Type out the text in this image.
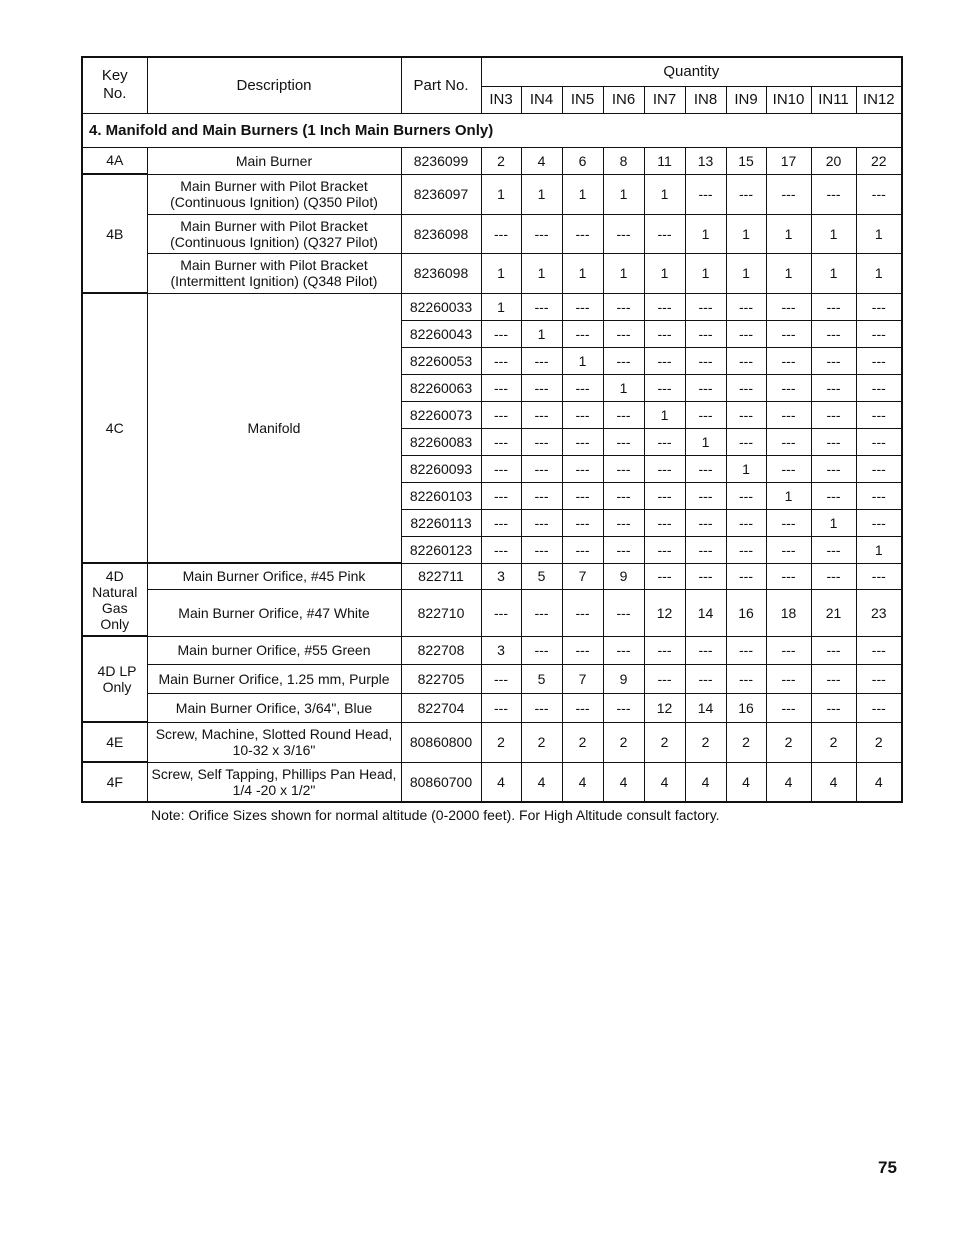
Key No.	Description	Part No.	Quantity									
			IN3	IN4	IN5	IN6	IN7	IN8	IN9	IN10	IN11	IN12
4. Manifold and Main Burners (1 Inch Main Burners Only)												

4A	Main Burner	8236099	2	4	6	8	11	13	15	17	20	22

4B	Main Burner with Pilot Bracket (Continuous Ignition) (Q350 Pilot)	8236097	1	1	1	1	1	---	---	---	---	---
	Main Burner with Pilot Bracket (Continuous Ignition) (Q327 Pilot)	8236098	---	---	---	---	---	1	1	1	1	1
	Main Burner with Pilot Bracket (Intermittent Ignition) (Q348 Pilot)	8236098	1	1	1	1	1	1	1	1	1	1

4C	Manifold	82260033	1	---	---	---	---	---	---	---	---	---
		82260043	---	1	---	---	---	---	---	---	---	---
		82260053	---	---	1	---	---	---	---	---	---	---
		82260063	---	---	---	1	---	---	---	---	---	---
		82260073	---	---	---	---	1	---	---	---	---	---
		82260083	---	---	---	---	---	1	---	---	---	---
		82260093	---	---	---	---	---	---	1	---	---	---
		82260103	---	---	---	---	---	---	---	1	---	---
		82260113	---	---	---	---	---	---	---	---	1	---
		82260123	---	---	---	---	---	---	---	---	---	1
4D Natural Gas Only	Main Burner Orifice, #45 Pink	822711	3	5	7	9	---	---	---	---	---	---
	Main Burner Orifice, #47 White	822710	---	---	---	---	12	14	16	18	21	23
4D LP Only	Main burner Orifice, #55 Green	822708	3	---	---	---	---	---	---	---	---	---
	Main Burner Orifice, 1.25 mm, Purple	822705	---	5	7	9	---	---	---	---	---	---
	Main Burner Orifice, 3/64", Blue	822704	---	---	---	---	12	14	16	---	---	---

4E	Screw, Machine, Slotted Round Head, 10-32 x 3/16"	80860800	2	2	2	2	2	2	2	2	2	2

4F	Screw, Self Tapping, Phillips Pan Head, 1/4 -20 x 1/2"	80860700	4	4	4	4	4	4	4	4	4	4
Note: Orifice Sizes shown for normal altitude (0-2000 feet). For High Altitude consult factory.
75
